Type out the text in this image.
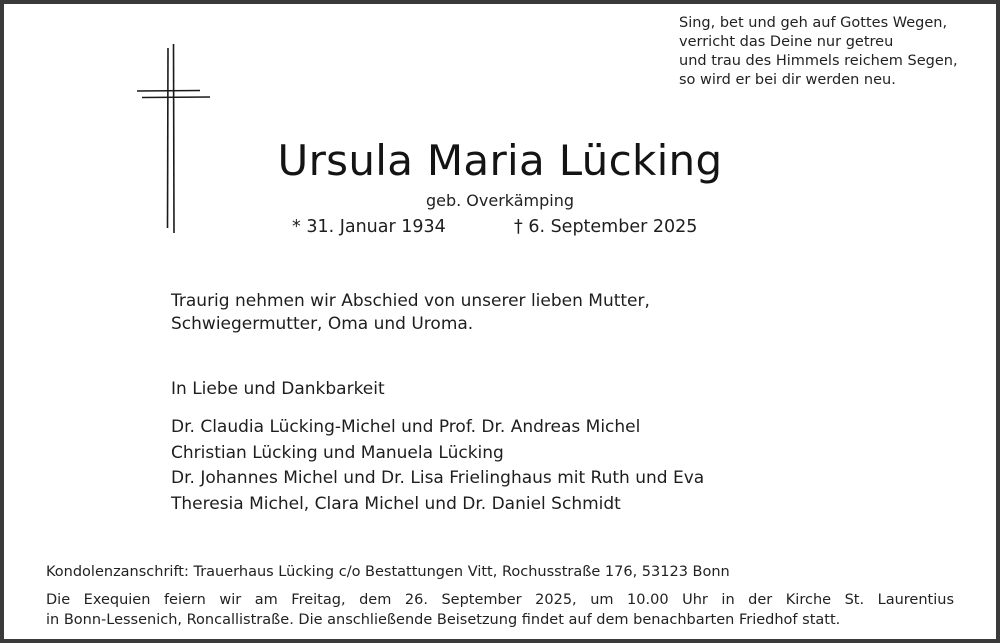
Sing, bet und geh auf Gottes Wegen,
verricht das Deine nur getreu
und trau des Himmels reichem Segen,
so wird er bei dir werden neu.
Ursula Maria Lücking
geb. Overkämping
* 31. Januar 1934	† 6. September 2025
Traurig nehmen wir Abschied von unserer lieben Mutter,
Schwiegermutter, Oma und Uroma.
In Liebe und Dankbarkeit
Dr. Claudia Lücking-Michel und Prof. Dr. Andreas Michel
Christian Lücking und Manuela Lücking
Dr. Johannes Michel und Dr. Lisa Frielinghaus mit Ruth und Eva
Theresia Michel, Clara Michel und Dr. Daniel Schmidt
Kondolenzanschrift: Trauerhaus Lücking c/o Bestattungen Vitt, Rochusstraße 176, 53123 Bonn
Die Exequien feiern wir am Freitag, dem 26. September 2025, um 10.00 Uhr in der Kirche St. Laurentius
in Bonn-Lessenich, Roncallistraße. Die anschließende Beisetzung findet auf dem benachbarten Friedhof statt.
